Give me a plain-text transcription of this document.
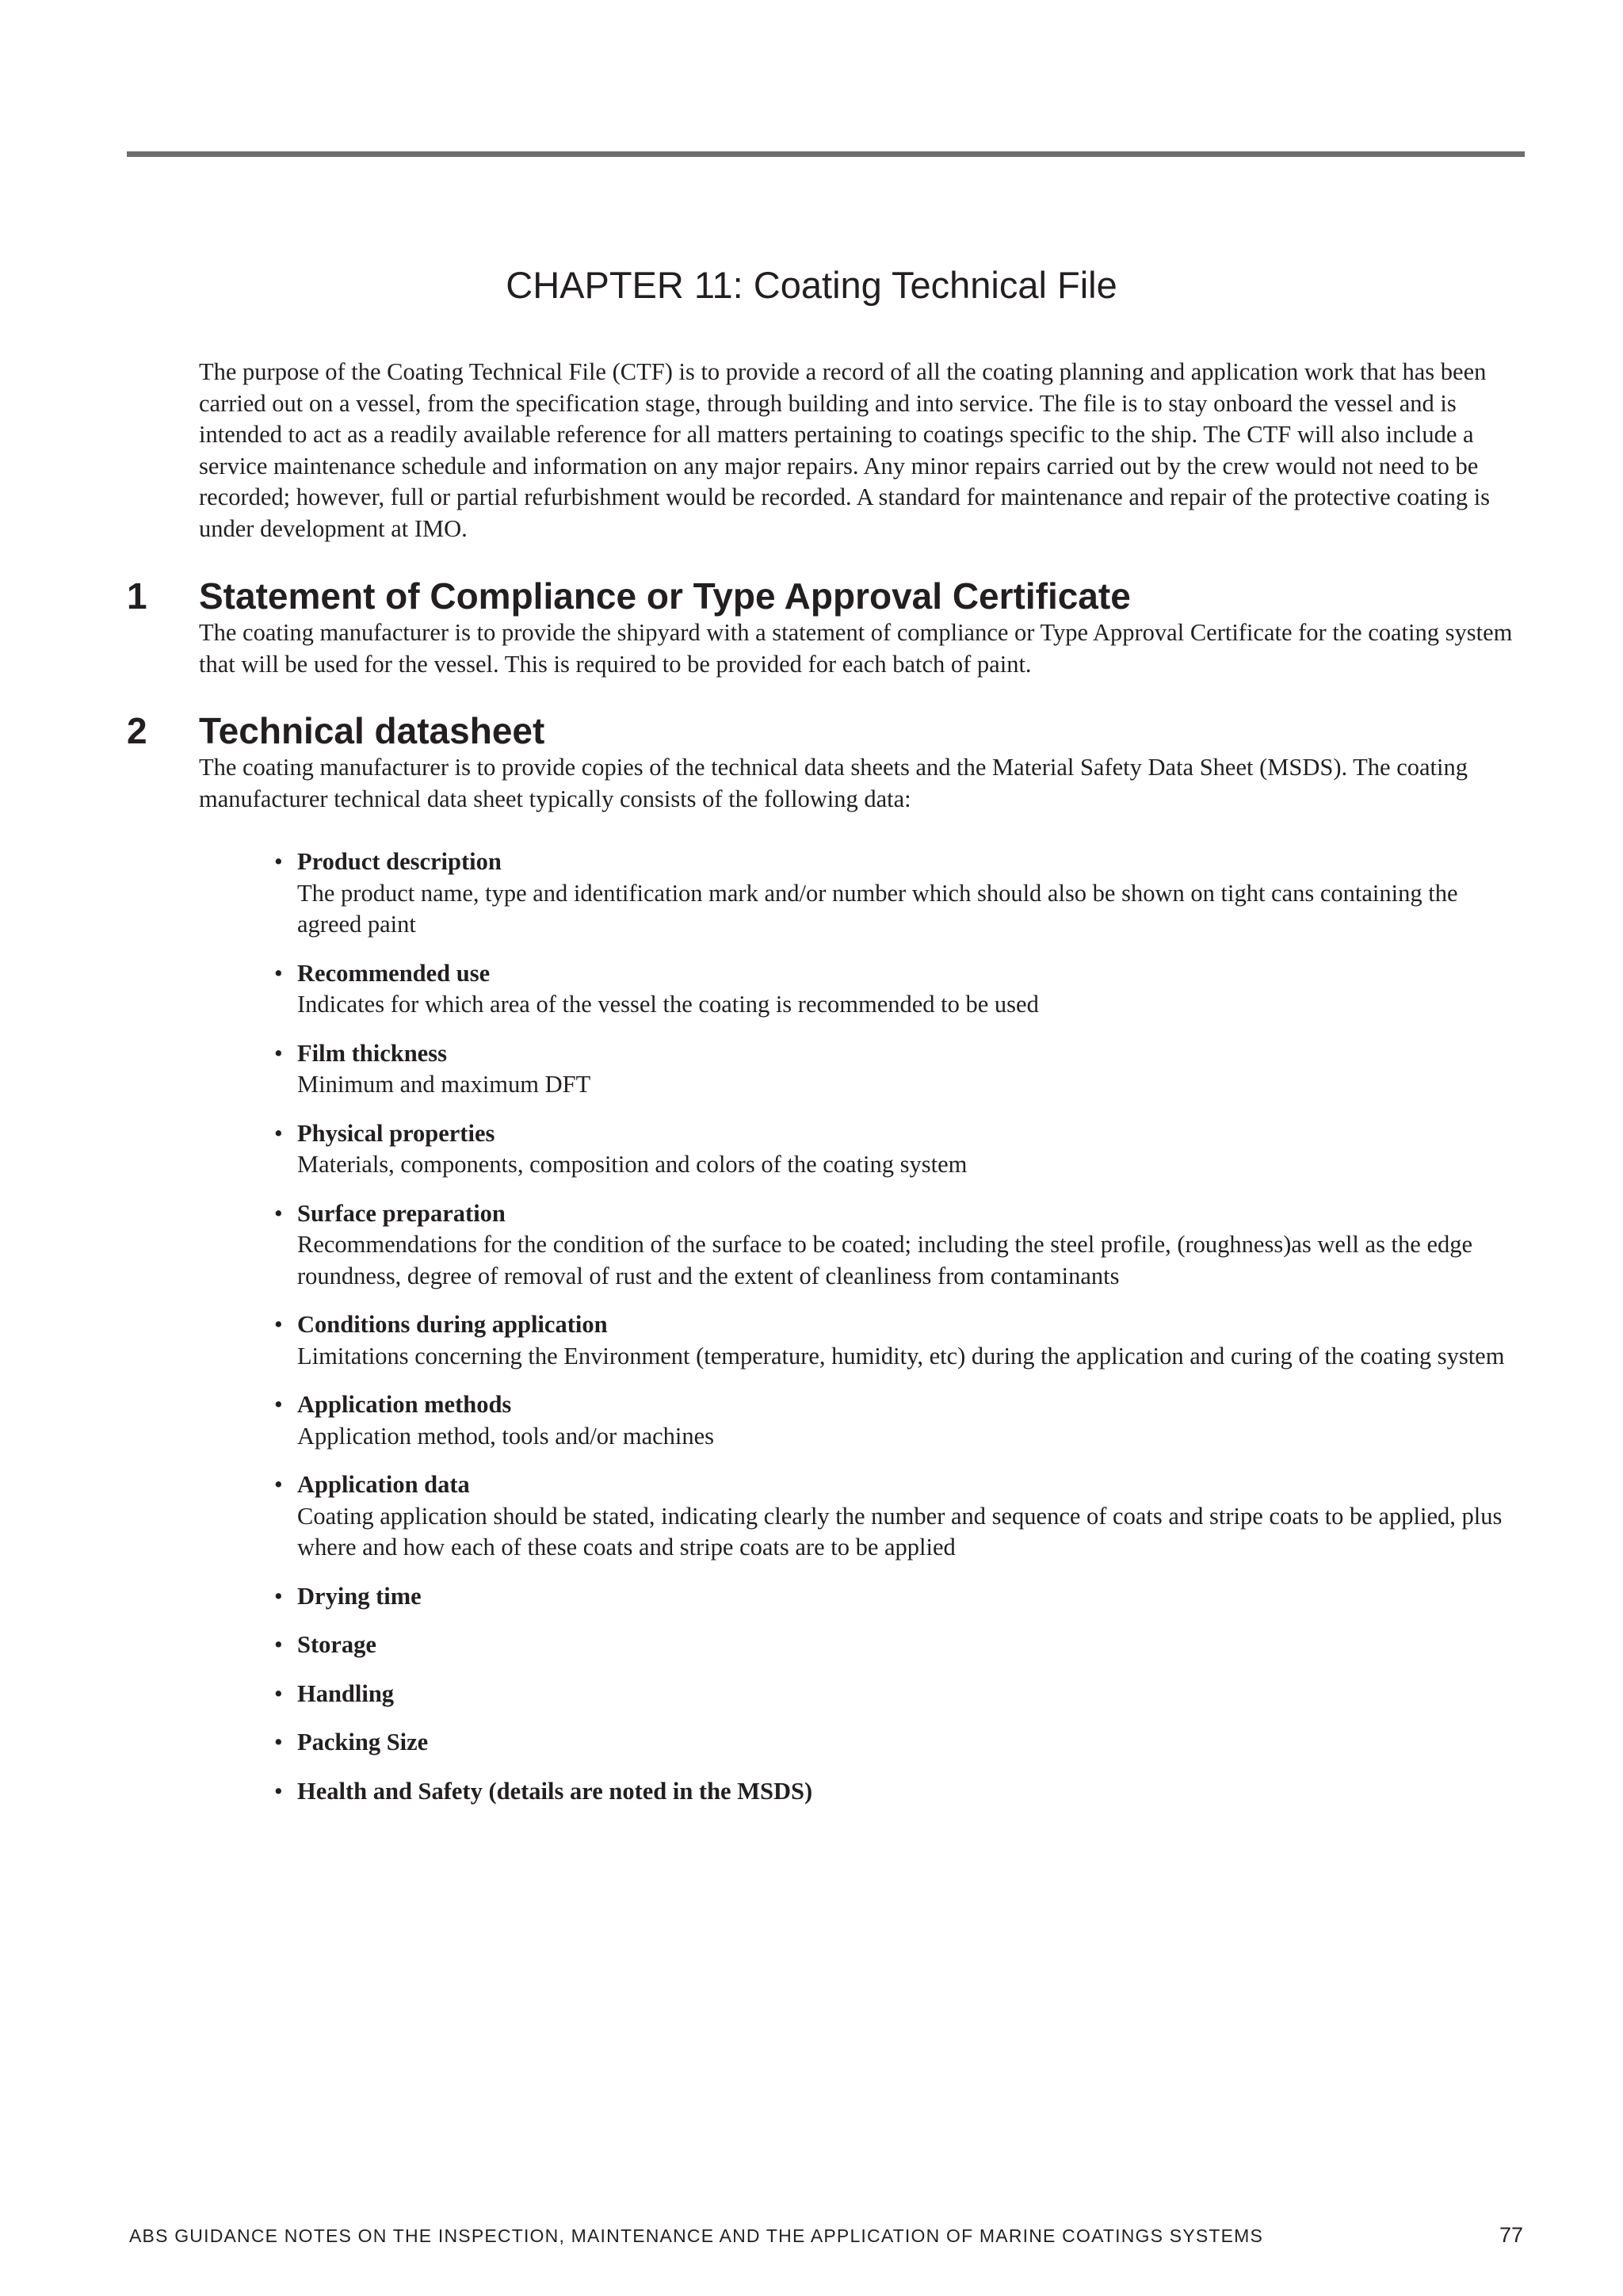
CHAPTER 11: Coating Technical File

The purpose of the Coating Technical File (CTF) is to provide a record of all the coating planning and application work that has been carried out on a vessel, from the specification stage, through building and into service. The file is to stay onboard the vessel and is intended to act as a readily available reference for all matters pertaining to coatings specific to the ship. The CTF will also include a service maintenance schedule and information on any major repairs. Any minor repairs carried out by the crew would not need to be recorded; however, full or partial refurbishment would be recorded. A standard for maintenance and repair of the protective coating is under development at IMO.

1	Statement of Compliance or Type Approval Certificate

The coating manufacturer is to provide the shipyard with a statement of compliance or Type Approval Certificate for the coating system that will be used for the vessel. This is required to be provided for each batch of paint.

2	Technical datasheet

The coating manufacturer is to provide copies of the technical data sheets and the Material Safety Data Sheet (MSDS). The coating manufacturer technical data sheet typically consists of the following data:

• Product description
The product name, type and identification mark and/or number which should also be shown on tight cans containing the agreed paint
• Recommended use
Indicates for which area of the vessel the coating is recommended to be used
• Film thickness
Minimum and maximum DFT
• Physical properties
Materials, components, composition and colors of the coating system
• Surface preparation
Recommendations for the condition of the surface to be coated; including the steel profile, (roughness)as well as the edge roundness, degree of removal of rust and the extent of cleanliness from contaminants
• Conditions during application
Limitations concerning the Environment (temperature, humidity, etc) during the application and curing of the coating system
• Application methods
Application method, tools and/or machines
• Application data
Coating application should be stated, indicating clearly the number and sequence of coats and stripe coats to be applied, plus where and how each of these coats and stripe coats are to be applied
• Drying time
• Storage
• Handling
• Packing Size
• Health and Safety (details are noted in the MSDS)
ABS GUIDANCE NOTES ON THE INSPECTION, MAINTENANCE AND THE APPLICATION OF MARINE COATINGS SYSTEMS	77
